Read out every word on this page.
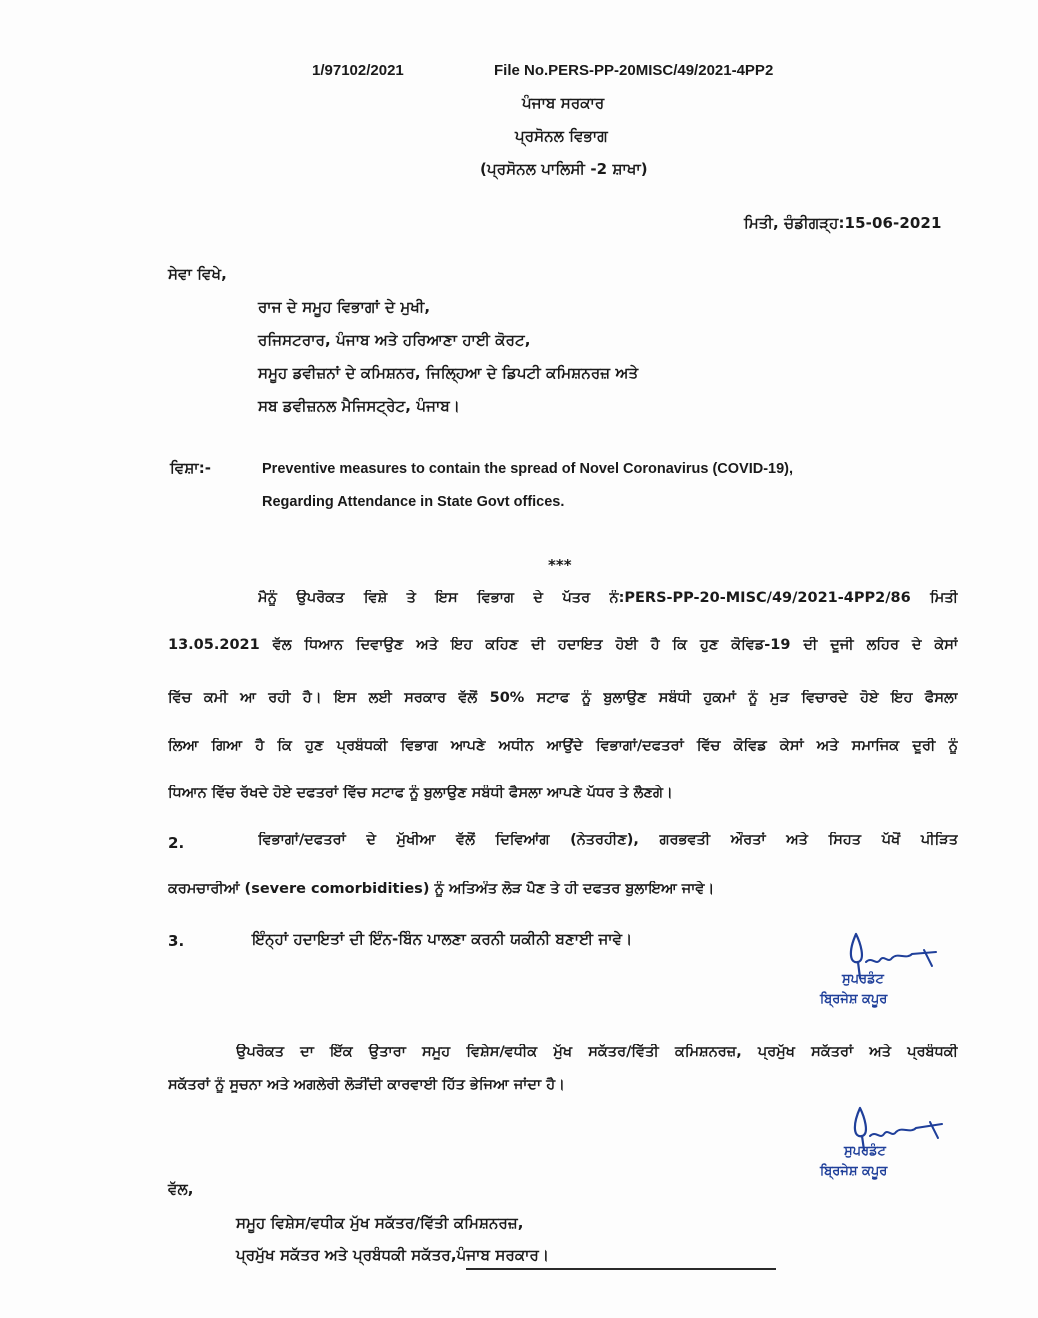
1/97102/2021	File No.PERS-PP-20MISC/49/2021-4PP2
ਪੰਜਾਬ ਸਰਕਾਰ
ਪ੍ਰਸੋਨਲ ਵਿਭਾਗ
(ਪ੍ਰਸੋਨਲ ਪਾਲਿਸੀ -2 ਸ਼ਾਖਾ)
ਮਿਤੀ, ਚੰਡੀਗੜ੍ਹ:15-06-2021
ਸੇਵਾ ਵਿਖੇ,
ਰਾਜ ਦੇ ਸਮੂਹ ਵਿਭਾਗਾਂ ਦੇ ਮੁਖੀ,
ਰਜਿਸਟਰਾਰ, ਪੰਜਾਬ ਅਤੇ ਹਰਿਆਣਾ ਹਾਈ ਕੋਰਟ,
ਸਮੂਹ ਡਵੀਜ਼ਨਾਂ ਦੇ ਕਮਿਸ਼ਨਰ, ਜਿਲ੍ਹਿਆ ਦੇ ਡਿਪਟੀ ਕਮਿਸ਼ਨਰਜ਼ ਅਤੇ
ਸਬ ਡਵੀਜ਼ਨਲ ਮੈਜਿਸਟ੍ਰੇਟ, ਪੰਜਾਬ।
ਵਿਸ਼ਾ:-	Preventive measures to contain the spread of Novel Coronavirus (COVID-19),
Regarding Attendance in State Govt offices.
***
ਮੈਨੂੰ ਉਪਰੋਕਤ ਵਿਸ਼ੇ ਤੇ ਇਸ ਵਿਭਾਗ ਦੇ ਪੱਤਰ ਨੰ:PERS-PP-20-MISC/49/2021-4PP2/86 ਮਿਤੀ
13.05.2021 ਵੱਲ ਧਿਆਨ ਦਿਵਾਉਣ ਅਤੇ ਇਹ ਕਹਿਣ ਦੀ ਹਦਾਇਤ ਹੋਈ ਹੈ ਕਿ ਹੁਣ ਕੋਵਿਡ-19 ਦੀ ਦੂਜੀ ਲਹਿਰ ਦੇ ਕੇਸਾਂ
ਵਿੱਚ ਕਮੀ ਆ ਰਹੀ ਹੈ। ਇਸ ਲਈ ਸਰਕਾਰ ਵੱਲੋਂ 50% ਸਟਾਫ ਨੂੰ ਬੁਲਾਉਣ ਸਬੰਧੀ ਹੁਕਮਾਂ ਨੂੰ ਮੁੜ ਵਿਚਾਰਦੇ ਹੋਏ ਇਹ ਫੈਸਲਾ
ਲਿਆ ਗਿਆ ਹੈ ਕਿ ਹੁਣ ਪ੍ਰਬੰਧਕੀ ਵਿਭਾਗ ਆਪਣੇ ਅਧੀਨ ਆਉਂਦੇ ਵਿਭਾਗਾਂ/ਦਫਤਰਾਂ ਵਿੱਚ ਕੋਵਿਡ ਕੇਸਾਂ ਅਤੇ ਸਮਾਜਿਕ ਦੂਰੀ ਨੂੰ
ਧਿਆਨ ਵਿੱਚ ਰੱਖਦੇ ਹੋਏ ਦਫਤਰਾਂ ਵਿੱਚ ਸਟਾਫ ਨੂੰ ਬੁਲਾਉਣ ਸਬੰਧੀ ਫੈਸਲਾ ਆਪਣੇ ਪੱਧਰ ਤੇ ਲੈਣਗੇ।
2.	ਵਿਭਾਗਾਂ/ਦਫਤਰਾਂ ਦੇ ਮੁੱਖੀਆ ਵੱਲੋਂ ਦਿਵਿਆਂਗ (ਨੇਤਰਹੀਣ), ਗਰਭਵਤੀ ਔਰਤਾਂ ਅਤੇ ਸਿਹਤ ਪੱਖੋਂ ਪੀੜਿਤ
ਕਰਮਚਾਰੀਆਂ (severe comorbidities) ਨੂੰ ਅਤਿਅੰਤ ਲੋੜ ਪੈਣ ਤੇ ਹੀ ਦਫਤਰ ਬੁਲਾਇਆ ਜਾਵੇ।
3.	ਇੰਨ੍ਹਾਂ ਹਦਾਇਤਾਂ ਦੀ ਇੰਨ-ਬਿੰਨ ਪਾਲਣਾ ਕਰਨੀ ਯਕੀਨੀ ਬਣਾਈ ਜਾਵੇ।
ਸੁਪਰਡੰਟ
ਬ੍ਰਿਜੇਸ਼ ਕਪੂਰ
ਉਪਰੋਕਤ ਦਾ ਇੱਕ ਉਤਾਰਾ ਸਮੂਹ ਵਿਸ਼ੇਸ/ਵਧੀਕ ਮੁੱਖ ਸਕੱਤਰ/ਵਿੱਤੀ ਕਮਿਸ਼ਨਰਜ਼, ਪ੍ਰਮੁੱਖ ਸਕੱਤਰਾਂ ਅਤੇ ਪ੍ਰਬੰਧਕੀ
ਸਕੱਤਰਾਂ ਨੂੰ ਸੂਚਨਾ ਅਤੇ ਅਗਲੇਰੀ ਲੋੜੀਂਦੀ ਕਾਰਵਾਈ ਹਿੱਤ ਭੇਜਿਆ ਜਾਂਦਾ ਹੈ।
ਸੁਪਰਡੰਟ
ਬ੍ਰਿਜੇਸ਼ ਕਪੂਰ
ਵੱਲ,
ਸਮੂਹ ਵਿਸ਼ੇਸ/ਵਧੀਕ ਮੁੱਖ ਸਕੱਤਰ/ਵਿੱਤੀ ਕਮਿਸ਼ਨਰਜ਼,
ਪ੍ਰਮੁੱਖ ਸਕੱਤਰ ਅਤੇ ਪ੍ਰਬੰਧਕੀ ਸਕੱਤਰ,ਪੰਜਾਬ ਸਰਕਾਰ।
